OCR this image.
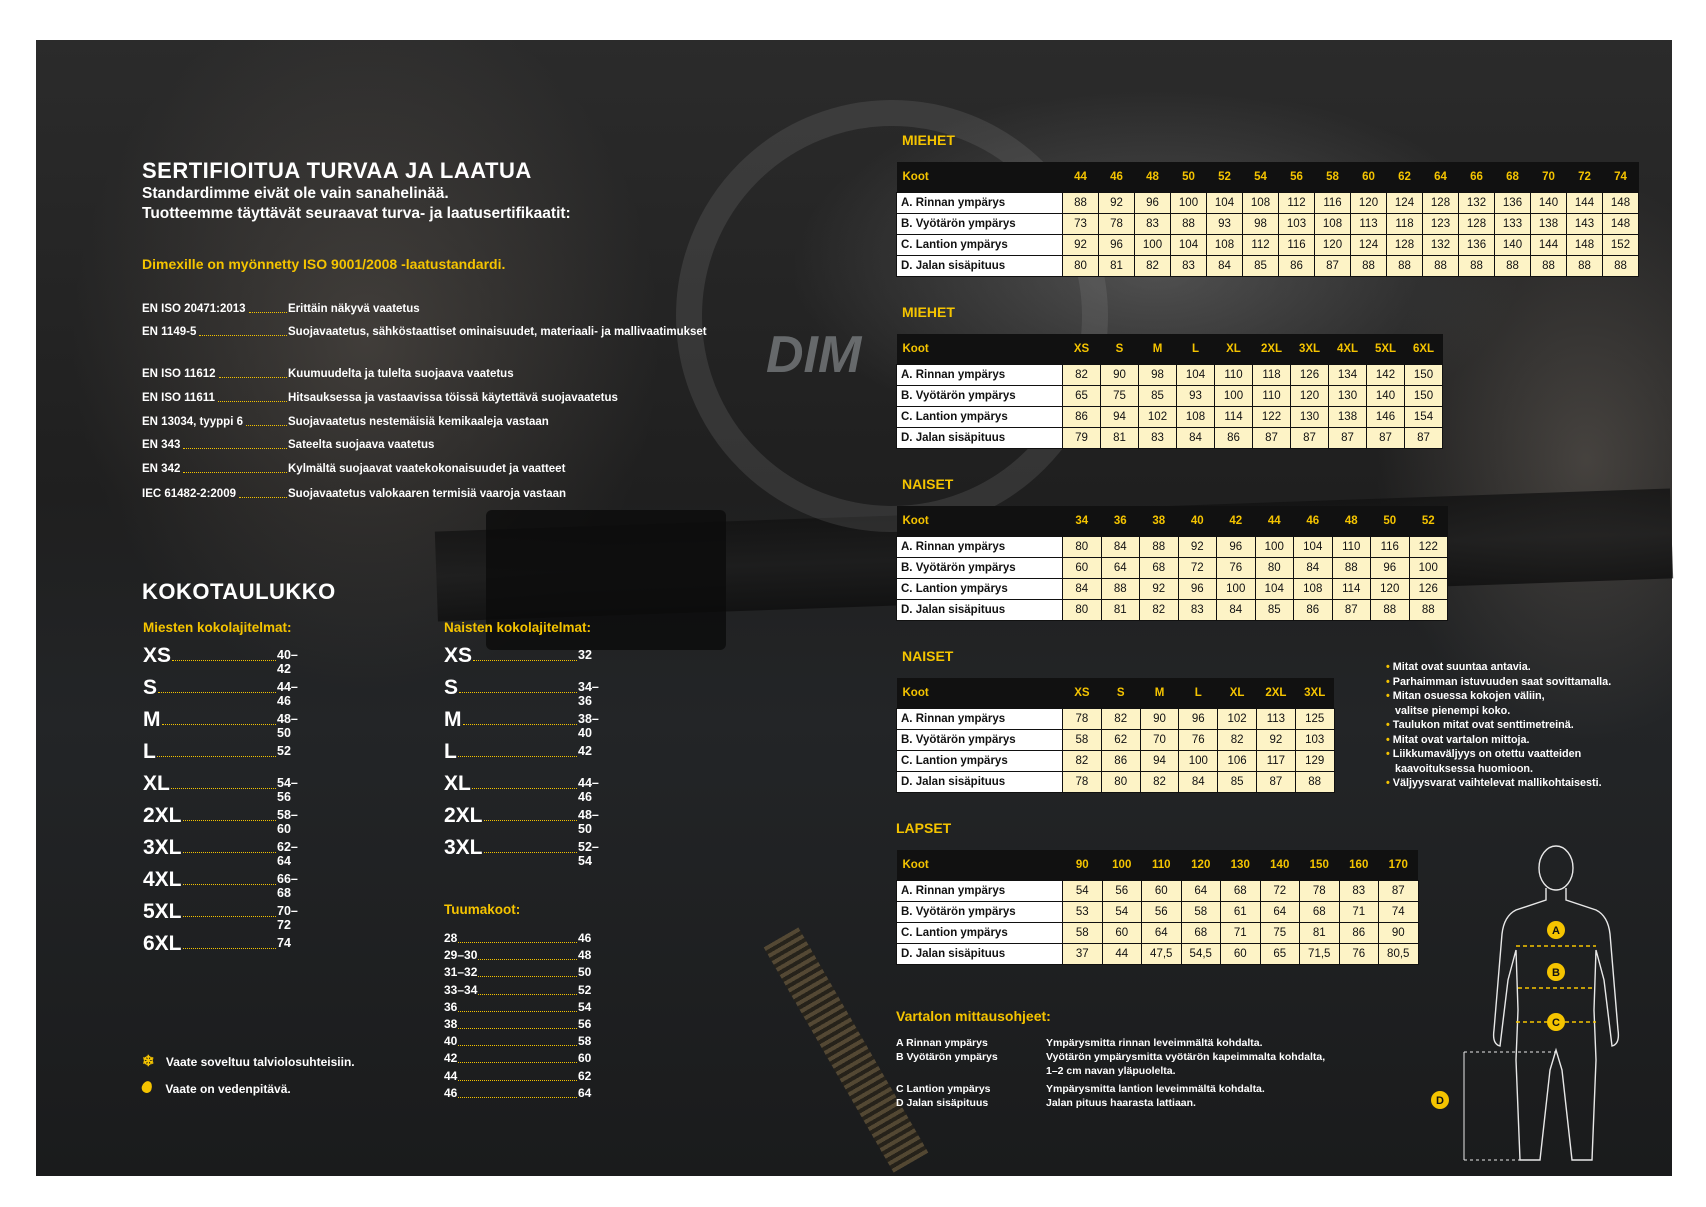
DIM
SERTIFIOITUA TURVAA JA LAATUA
Standardimme eivät ole vain sanahelinää.
Tuotteemme täyttävät seuraavat turva- ja laatusertifikaatit:
Dimexille on myönnetty ISO 9001/2008 -laatustandardi.
EN ISO 20471:2013	Erittäin näkyvä vaatetus
EN 1149-5	Suojavaatetus, sähköstaattiset ominaisuudet, materiaali- ja mallivaatimukset
EN ISO 11612	Kuumuudelta ja tulelta suojaava vaatetus
EN ISO 11611	Hitsauksessa ja vastaavissa töissä käytettävä suojavaatetus
EN 13034, tyyppi 6	Suojavaatetus nestemäisiä kemikaaleja vastaan
EN 343	Sateelta suojaava vaatetus
EN 342	Kylmältä suojaavat vaatekokonaisuudet ja vaatteet
IEC 61482-2:2009	Suojavaatetus valokaaren termisiä vaaroja vastaan
KOKOTAULUKKO
Miesten kokolajitelmat:	Naisten kokolajitelmat:
XS	40–42
S	44–46
M	48–50
L	52
XL	54–56
2XL	58–60
3XL	62–64
4XL	66–68
5XL	70–72
6XL	74
XS	32
S	34–36
M	38–40
L	42
XL	44–46
2XL	48–50
3XL	52–54
Tuumakoot:
28	46
29–30	48
31–32	50
33–34	52
36	54
38	56
40	58
42	60
44	62
46	64
❄ Vaate soveltuu talviolosuhteisiin.
Vaate on vedenpitävä.
MIEHET
Koot	44	46	48	50	52	54	56	58	60	62	64	66	68	70	72	74
A. Rinnan ympärys	88	92	96	100	104	108	112	116	120	124	128	132	136	140	144	148
B. Vyötärön ympärys	73	78	83	88	93	98	103	108	113	118	123	128	133	138	143	148
C. Lantion ympärys	92	96	100	104	108	112	116	120	124	128	132	136	140	144	148	152
D. Jalan sisäpituus	80	81	82	83	84	85	86	87	88	88	88	88	88	88	88	88
MIEHET
Koot	XS	S	M	L	XL	2XL	3XL	4XL	5XL	6XL
A. Rinnan ympärys	82	90	98	104	110	118	126	134	142	150
B. Vyötärön ympärys	65	75	85	93	100	110	120	130	140	150
C. Lantion ympärys	86	94	102	108	114	122	130	138	146	154
D. Jalan sisäpituus	79	81	83	84	86	87	87	87	87	87
NAISET
Koot	34	36	38	40	42	44	46	48	50	52
A. Rinnan ympärys	80	84	88	92	96	100	104	110	116	122
B. Vyötärön ympärys	60	64	68	72	76	80	84	88	96	100
C. Lantion ympärys	84	88	92	96	100	104	108	114	120	126
D. Jalan sisäpituus	80	81	82	83	84	85	86	87	88	88
NAISET
Koot	XS	S	M	L	XL	2XL	3XL
A. Rinnan ympärys	78	82	90	96	102	113	125
B. Vyötärön ympärys	58	62	70	76	82	92	103
C. Lantion ympärys	82	86	94	100	106	117	129
D. Jalan sisäpituus	78	80	82	84	85	87	88
LAPSET
Koot	90	100	110	120	130	140	150	160	170
A. Rinnan ympärys	54	56	60	64	68	72	78	83	87
B. Vyötärön ympärys	53	54	56	58	61	64	68	71	74
C. Lantion ympärys	58	60	64	68	71	75	81	86	90
D. Jalan sisäpituus	37	44	47,5	54,5	60	65	71,5	76	80,5
• Mitat ovat suuntaa antavia.
• Parhaimman istuvuuden saat sovittamalla.
• Mitan osuessa kokojen väliin,
valitse pienempi koko.
• Taulukon mitat ovat senttimetreinä.
• Mitat ovat vartalon mittoja.
• Liikkumaväljyys on otettu vaatteiden
kaavoituksessa huomioon.
• Väljyysvarat vaihtelevat mallikohtaisesti.
Vartalon mittausohjeet:
A Rinnan ympärys	Ympärysmitta rinnan leveimmältä kohdalta.
B Vyötärön ympärys	Vyötärön ympärysmitta vyötärön kapeimmalta kohdalta,
1–2 cm navan yläpuolelta.
C Lantion ympärys	Ympärysmitta lantion leveimmältä kohdalta.
D Jalan sisäpituus	Jalan pituus haarasta lattiaan.
A
B
C
D
